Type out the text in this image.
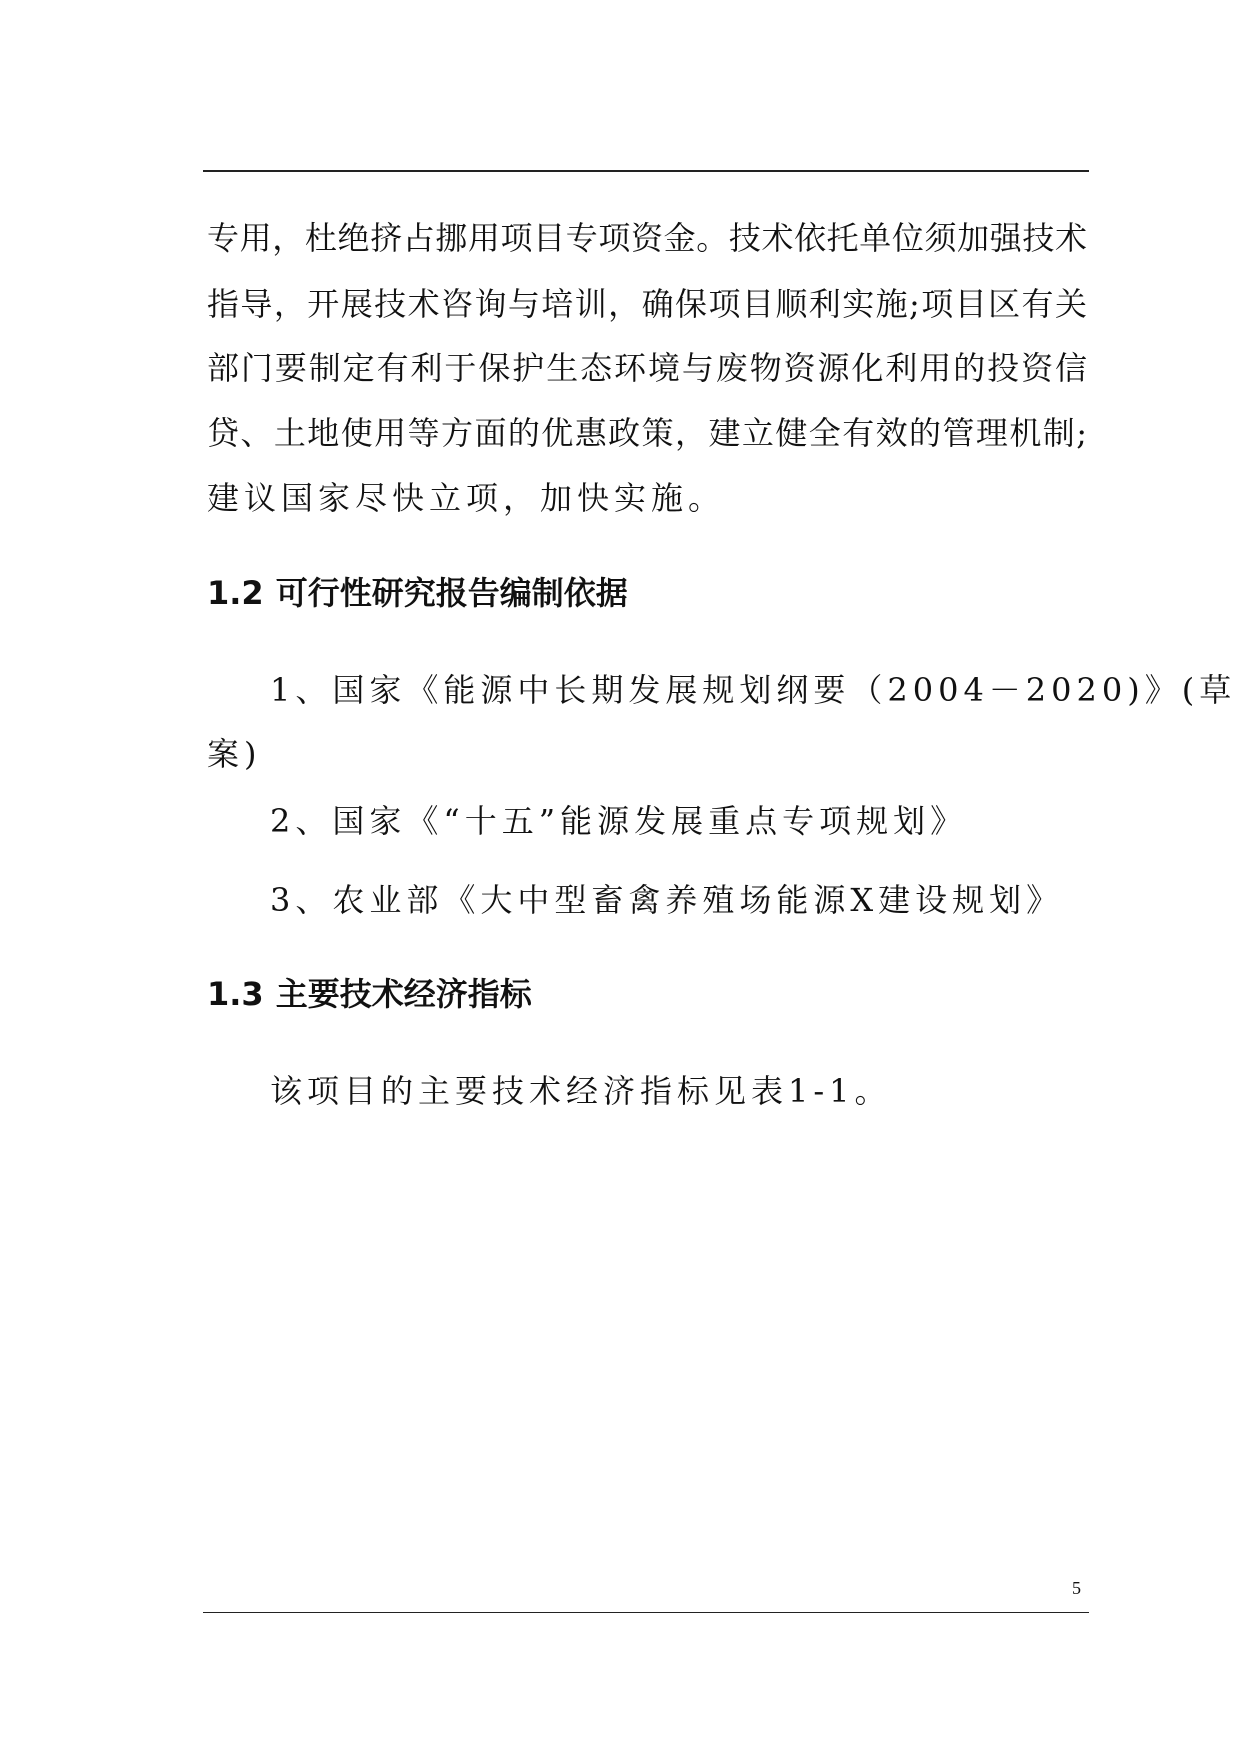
专用，杜绝挤占挪用项目专项资金。技术依托单位须加强技术
指导，开展技术咨询与培训，确保项目顺利实施;项目区有关
部门要制定有利于保护生态环境与废物资源化利用的投资信
贷、土地使用等方面的优惠政策，建立健全有效的管理机制;
建议国家尽快立项，加快实施。
1.2 可行性研究报告编制依据
1、国家《能源中长期发展规划纲要（2004－2020)》(草
案)
2、国家《“十五”能源发展重点专项规划》
3、农业部《大中型畜禽养殖场能源X建设规划》
1.3 主要技术经济指标
该项目的主要技术经济指标见表1-1。
5
